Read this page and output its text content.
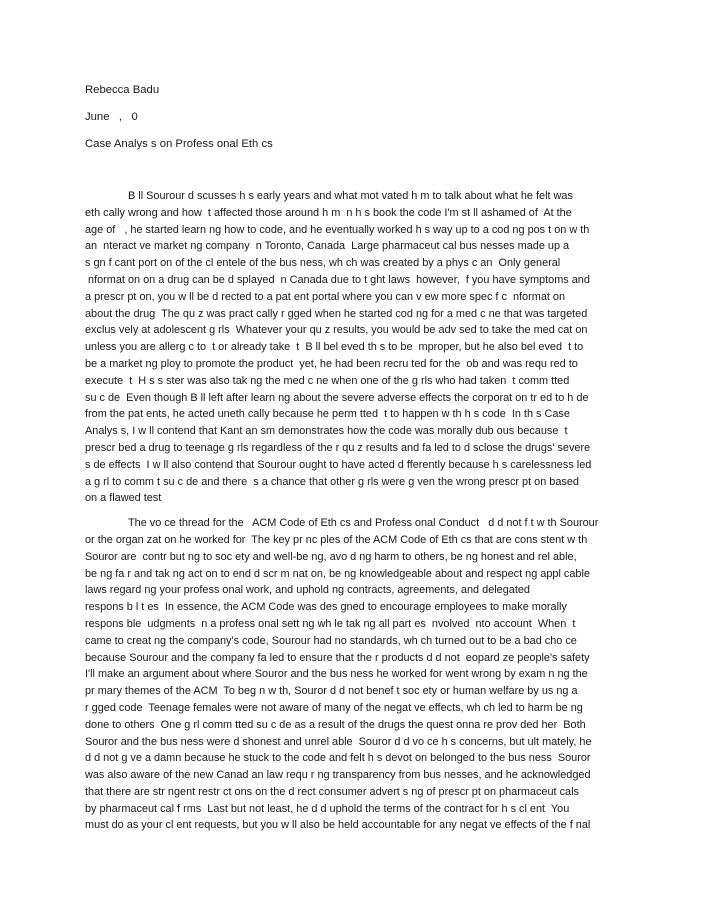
Rebecca Badu
June   ,   0
Case Analys s on Profess onal Eth cs
B ll Sourour d scusses h s early years and what mot vated h m to talk about what he felt was
eth cally wrong and how  t affected those around h m  n h s book the code I'm st ll ashamed of  At the
age of   , he started learn ng how to code, and he eventually worked h s way up to a cod ng pos t on w th
an  nteract ve market ng company  n Toronto, Canada  Large pharmaceut cal bus nesses made up a
s gn f cant port on of the cl entele of the bus ness, wh ch was created by a phys c an  Only general
nformat on on a drug can be d splayed  n Canada due to t ght laws  however,  f you have symptoms and
a prescr pt on, you w ll be d rected to a pat ent portal where you can v ew more spec f c  nformat on
about the drug  The qu z was pract cally r gged when he started cod ng for a med c ne that was targeted
exclus vely at adolescent g rls  Whatever your qu z results, you would be adv sed to take the med cat on
unless you are allerg c to  t or already take  t  B ll bel eved th s to be  mproper, but he also bel eved  t to
be a market ng ploy to promote the product  yet, he had been recru ted for the  ob and was requ red to
execute  t  H s s ster was also tak ng the med c ne when one of the g rls who had taken  t comm tted
su c de  Even though B ll left after learn ng about the severe adverse effects the corporat on tr ed to h de
from the pat ents, he acted uneth cally because he perm tted  t to happen w th h s code  In th s Case
Analys s, I w ll contend that Kant an sm demonstrates how the code was morally dub ous because  t
prescr bed a drug to teenage g rls regardless of the r qu z results and fa led to d sclose the drugs' severe
s de effects  I w ll also contend that Sourour ought to have acted d fferently because h s carelessness led
a g rl to comm t su c de and there  s a chance that other g rls were g ven the wrong prescr pt on based
on a flawed test
The vo ce thread for the   ACM Code of Eth cs and Profess onal Conduct   d d not f t w th Sourour
or the organ zat on he worked for  The key pr nc ples of the ACM Code of Eth cs that are cons stent w th
Souror are  contr but ng to soc ety and well-be ng, avo d ng harm to others, be ng honest and rel able,
be ng fa r and tak ng act on to end d scr m nat on, be ng knowledgeable about and respect ng appl cable
laws regard ng your profess onal work, and uphold ng contracts, agreements, and delegated
respons b l t es  In essence, the ACM Code was des gned to encourage employees to make morally
respons ble  udgments  n a profess onal sett ng wh le tak ng all part es  nvolved  nto account  When  t
came to creat ng the company's code, Sourour had no standards, wh ch turned out to be a bad cho ce
because Sourour and the company fa led to ensure that the r products d d not  eopard ze people's safety
I'll make an argument about where Souror and the bus ness he worked for went wrong by exam n ng the
pr mary themes of the ACM  To beg n w th, Souror d d not benef t soc ety or human welfare by us ng a
r gged code  Teenage females were not aware of many of the negat ve effects, wh ch led to harm be ng
done to others  One g rl comm tted su c de as a result of the drugs the quest onna re prov ded her  Both
Souror and the bus ness were d shonest and unrel able  Souror d d vo ce h s concerns, but ult mately, he
d d not g ve a damn because he stuck to the code and felt h s devot on belonged to the bus ness  Souror
was also aware of the new Canad an law requ r ng transparency from bus nesses, and he acknowledged
that there are str ngent restr ct ons on the d rect consumer advert s ng of prescr pt on pharmaceut cals
by pharmaceut cal f rms  Last but not least, he d d uphold the terms of the contract for h s cl ent  You
must do as your cl ent requests, but you w ll also be held accountable for any negat ve effects of the f nal
